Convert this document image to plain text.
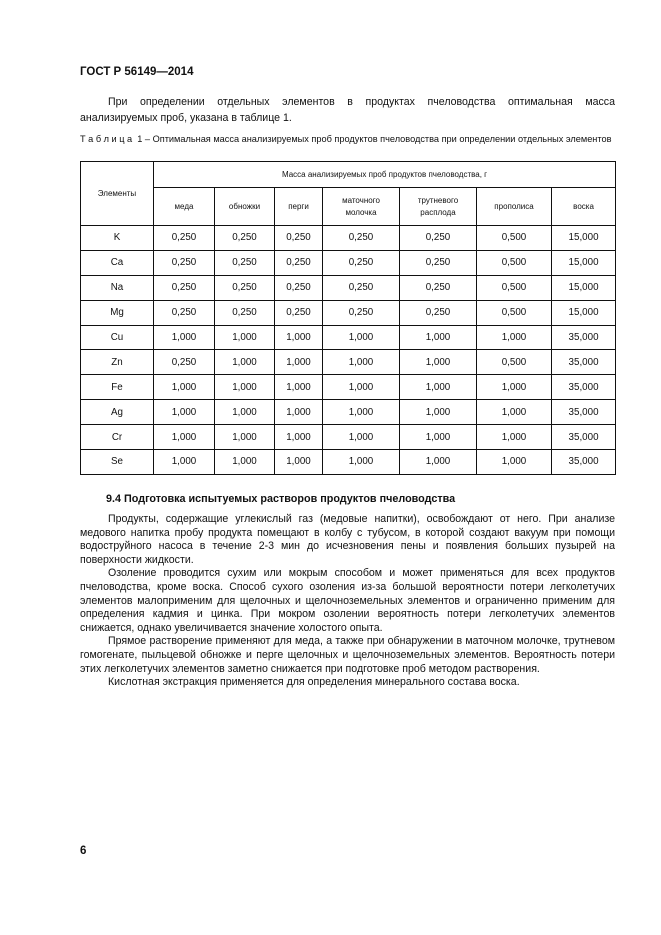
ГОСТ Р 56149—2014

При определении отдельных элементов в продуктах пчеловодства оптимальная масса анализируемых проб, указана в таблице 1.

Т а б л и ц а  1 – Оптимальная масса анализируемых проб продуктов пчеловодства при определении отдельных элементов
Элементы	Масса анализируемых проб продуктов пчеловодства, г						
	меда	обножки	перги	маточного молочка	трутневого расплода	прополиса	воска
K	0,250	0,250	0,250	0,250	0,250	0,500	15,000
Ca	0,250	0,250	0,250	0,250	0,250	0,500	15,000
Na	0,250	0,250	0,250	0,250	0,250	0,500	15,000
Mg	0,250	0,250	0,250	0,250	0,250	0,500	15,000
Cu	1,000	1,000	1,000	1,000	1,000	1,000	35,000
Zn	0,250	1,000	1,000	1,000	1,000	0,500	35,000
Fe	1,000	1,000	1,000	1,000	1,000	1,000	35,000
Ag	1,000	1,000	1,000	1,000	1,000	1,000	35,000
Cr	1,000	1,000	1,000	1,000	1,000	1,000	35,000
Se	1,000	1,000	1,000	1,000	1,000	1,000	35,000
9.4 Подготовка испытуемых растворов продуктов пчеловодства

Продукты, содержащие углекислый газ (медовые напитки), освобождают от него. При анализе медового напитка пробу продукта помещают в колбу с тубусом, в которой создают вакуум при помощи водоструйного насоса в течение 2-3 мин до исчезновения пены и появления больших пузырей на поверхности жидкости.

Озоление проводится сухим или мокрым способом и может применяться для всех продуктов пчеловодства, кроме воска. Способ сухого озоления из-за большой вероятности потери легколетучих элементов малоприменим для щелочных и щелочноземельных элементов и ограниченно применим для определения кадмия и цинка. При мокром озолении вероятность потери легколетучих элементов снижается, однако увеличивается значение холостого опыта.

Прямое растворение применяют для меда, а также при обнаружении в маточном молочке, трутневом гомогенате, пыльцевой обножке и перге щелочных и щелочноземельных элементов. Вероятность потери этих легколетучих элементов заметно снижается при подготовке проб методом растворения.

Кислотная экстракция применяется для определения минерального состава воска.

6
